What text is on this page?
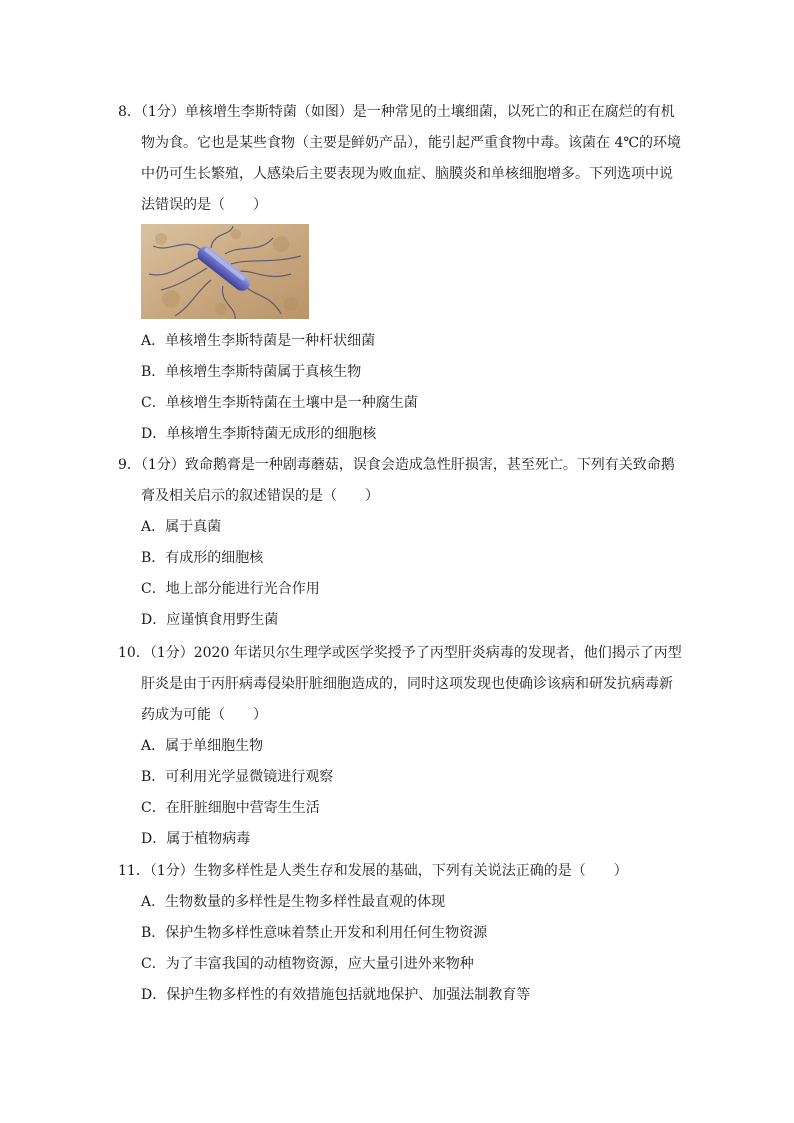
8．（1分）单核增生李斯特菌（如图）是一种常见的土壤细菌，以死亡的和正在腐烂的有机
物为食。它也是某些食物（主要是鲜奶产品），能引起严重食物中毒。该菌在 4℃的环境
中仍可生长繁殖，人感染后主要表现为败血症、脑膜炎和单核细胞增多。下列选项中说
法错误的是（　　）
A．单核增生李斯特菌是一种杆状细菌
B．单核增生李斯特菌属于真核生物
C．单核增生李斯特菌在土壤中是一种腐生菌
D．单核增生李斯特菌无成形的细胞核
9．（1分）致命鹅膏是一种剧毒蘑菇，误食会造成急性肝损害，甚至死亡。下列有关致命鹅
膏及相关启示的叙述错误的是（　　）
A．属于真菌
B．有成形的细胞核
C．地上部分能进行光合作用
D．应谨慎食用野生菌
10．（1分）2020 年诺贝尔生理学或医学奖授予了丙型肝炎病毒的发现者，他们揭示了丙型
肝炎是由于丙肝病毒侵染肝脏细胞造成的，同时这项发现也使确诊该病和研发抗病毒新
药成为可能（　　）
A．属于单细胞生物
B．可利用光学显微镜进行观察
C．在肝脏细胞中营寄生生活
D．属于植物病毒
11．（1分）生物多样性是人类生存和发展的基础，下列有关说法正确的是（　　）
A．生物数量的多样性是生物多样性最直观的体现
B．保护生物多样性意味着禁止开发和利用任何生物资源
C．为了丰富我国的动植物资源，应大量引进外来物种
D．保护生物多样性的有效措施包括就地保护、加强法制教育等
